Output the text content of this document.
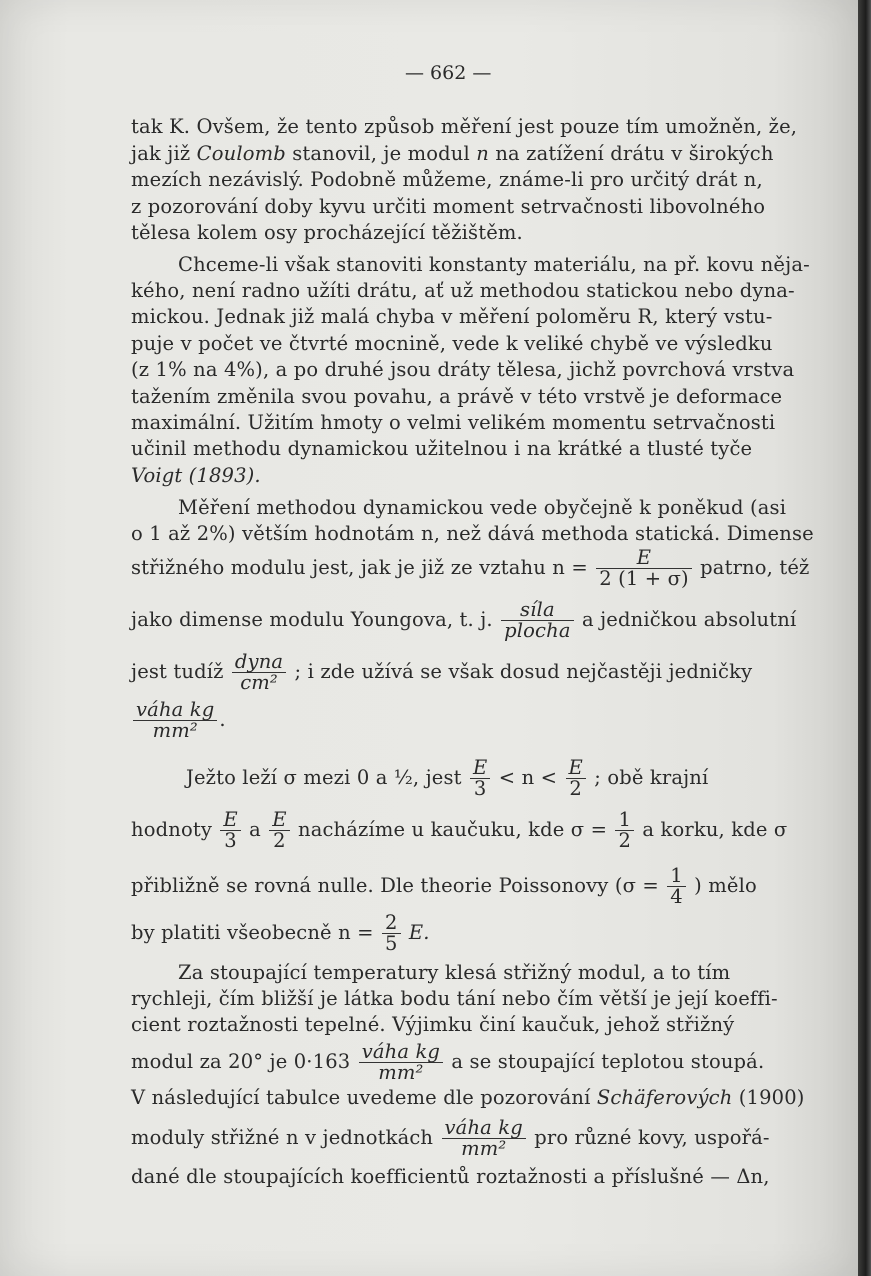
— 662 —
tak K. Ovšem, že tento způsob měření jest pouze tím umožněn, že,
jak již Coulomb stanovil, je modul n na zatížení drátu v širokých
mezích nezávislý. Podobně můžeme, známe-li pro určitý drát n,
z pozorování doby kyvu určiti moment setrvačnosti libovolného
tělesa kolem osy procházející těžištěm.
Chceme-li však stanoviti konstanty materiálu, na př. kovu něja-
kého, není radno užíti drátu, ať už methodou statickou nebo dyna-
mickou. Jednak již malá chyba v měření poloměru R, který vstu-
puje v počet ve čtvrté mocnině, vede k veliké chybě ve výsledku
(z 1% na 4%), a po druhé jsou dráty tělesa, jichž povrchová vrstva
tažením změnila svou povahu, a právě v této vrstvě je deformace
maximální. Užitím hmoty o velmi velikém momentu setrvačnosti
učinil methodu dynamickou užitelnou i na krátké a tlusté tyče
Voigt (1893).
Měření methodou dynamickou vede obyčejně k poněkud (asi
o 1 až 2%) větším hodnotám n, než dává methoda statická. Dimense
střižného modulu jest, jak je již ze vztahu $n = \frac{E}{2 (1 + \sigma)}$ patrno, též
jako dimense modulu Youngova, t. j. $\frac{\text{síla}}{\text{plocha}}$ a jedničkou absolutní
jest tudíž $\frac{\text{dyna}}{\text{cm²}}$ ; i zde užívá se však dosud nejčastěji jedničky
$\frac{\text{váha kg}}{\text{mm²}}$ .
Ježto leží σ mezi 0 a ½, jest $\frac{E}{3} < n < \frac{E}{2}$ ; obě krajní
hodnoty $\frac{E}{3}$ a $\frac{E}{2}$ nacházíme u kaučuku, kde $\sigma = \frac{1}{2}$ a korku, kde σ
přibližně se rovná nulle. Dle theorie Poissonovy ($\sigma = \frac{1}{4}$ ) mělo
by platiti všeobecně $n = \frac{2}{5} E$.
Za stoupající temperatury klesá střižný modul, a to tím
rychleji, čím bližší je látka bodu tání nebo čím větší je její koeffi-
cient roztažnosti tepelné. Výjimku činí kaučuk, jehož střižný
modul za 20° je $0\cdot 163 \frac{\text{váha kg}}{\text{mm²}}$ a se stoupající teplotou stoupá.
V následující tabulce uvedeme dle pozorování Schäferových (1900)
moduly střižné n v jednotkách $\frac{\text{váha kg}}{\text{mm²}}$ pro různé kovy, uspořá-
dané dle stoupajících koefficientů roztažnosti a příslušné — Δn,
